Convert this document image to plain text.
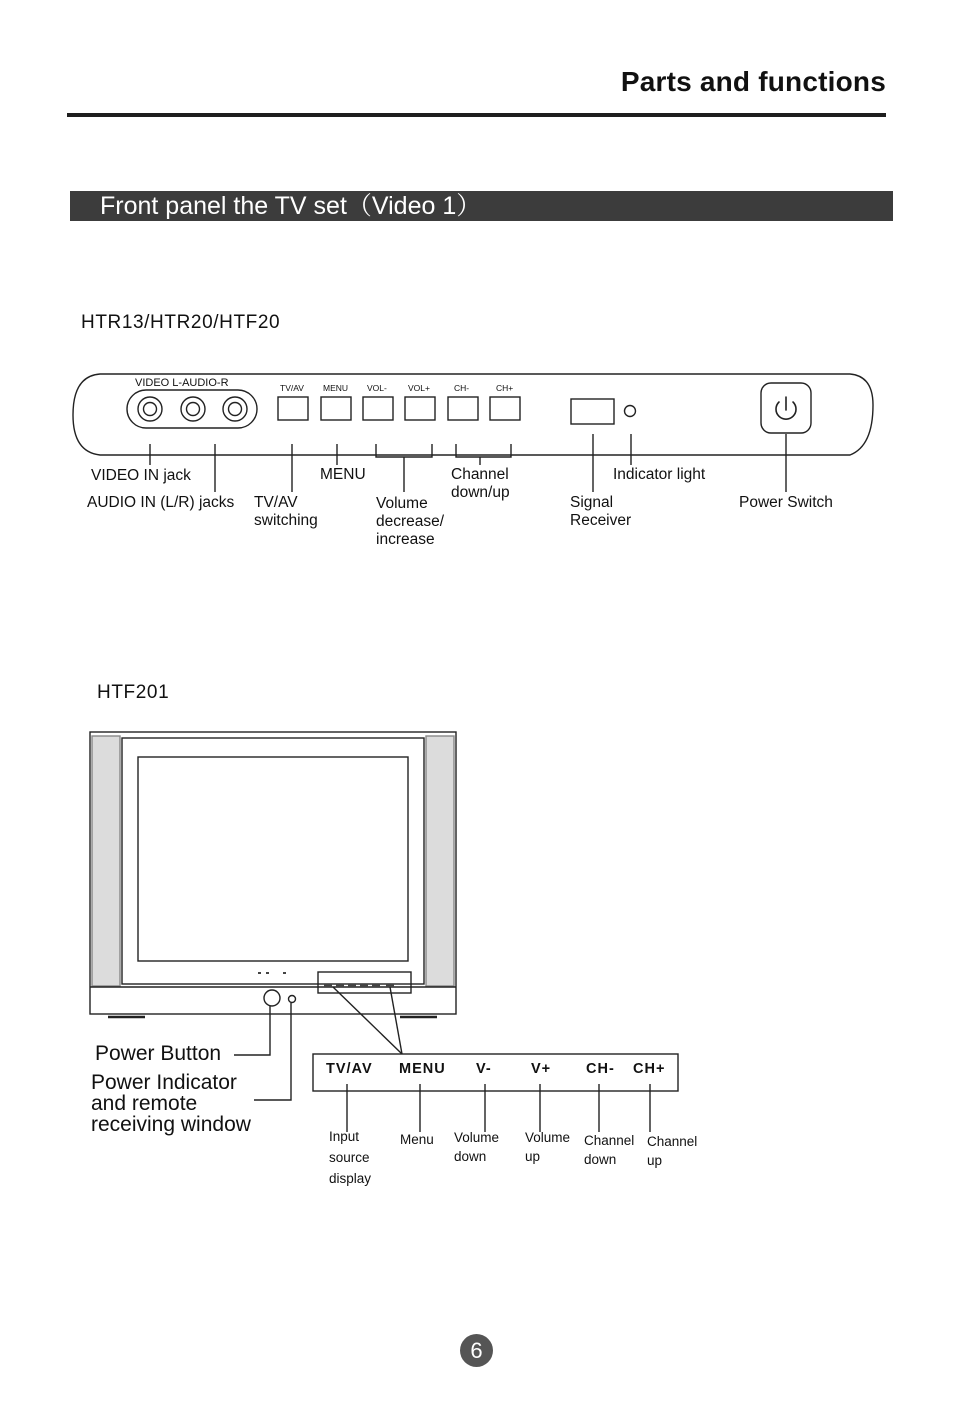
Parts and functions
Front panel the TV set（Video 1）
HTR13/HTR20/HTF20
VIDEO L-AUDIO-R	TV/AV MENU VOL- VOL+	CH-	CH+
VIDEO IN jack
AUDIO IN (L/R) jacks TV/AV
switching
MENU
Volume
decrease/
increase
Channel
down/up
Signal
Receiver
Indicator light
Power Switch
HTF201
Power Button
Power Indicator
and remote
receiving window
TV/AV MENU V-	V+ CH- CH+
Input
source
display
Menu Volume
down
Volume
up
Channel
down
Channel
up
6
